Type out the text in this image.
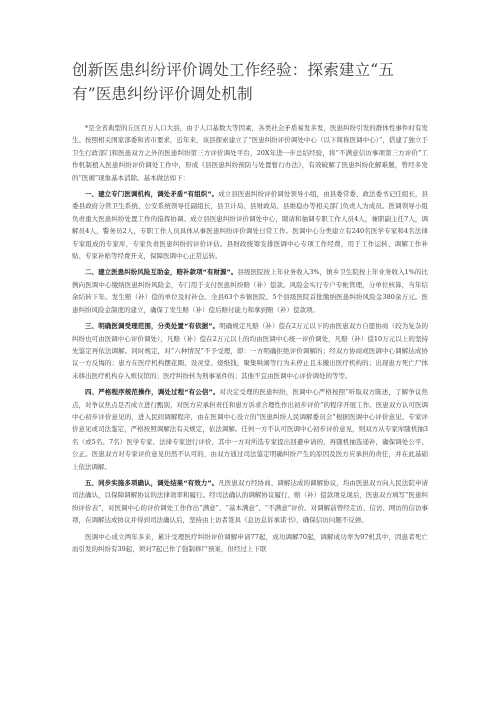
创新医患纠纷评价调处工作经验：探索建立“五有”医患纠纷评价调处机制

*是全省典型的丘区百万人口大县，由于人口基数大等因素，各类社会矛盾易发多发，医患纠纷引发的群体性事件时有发生。按照相关国家部委和省市要求，近年来，该县探索建立了“医患纠纷评价调处中心（以下简称医调中心）”，搭建了独立于卫生行政部门和医患双方之外的医患纠纷第三方评价调处平台，20X年进一步总结经验，将“不满意信访事项第三方评价”工作机制植入医患纠纷评价调处工作中，形成《县医患纠纷预防与处置暂行办法》，有效破解了医患纠纷化解难题，曾经多发的“医闹”现象基本消除。基本做法如下：

一、建立专门医调机构，调处矛盾“有组织”。成立县医患纠纷评价调处领导小组，由县委常委、政法委书记任组长，县委县政府分管卫生系统、公安系统领导任副组长，县卫计局、县财政局、县维稳办等相关部门负责人为成员。医调领导小组负责重大医患纠纷处置工作的指挥协调。成立县医患纠纷评价调处中心，聘请和抽调专职工作人员4人，兼职副主任7人，调解员4人，警务员2人，专职工作人员具体从事医患纠纷评价调处日常工作。医调中心分类建立有240名医学专家和4名法律专家组成的专家库，专家负责医患纠纷的评价评估。县财政统筹安排医调中心专项工作经费，用于工作运转、调解工作补贴、专家补贴等经费开支，保障医调中心正常运转。

二、建立医患纠纷风险互助金，赔补款项“有财源”。县级医院按上年业务收入3%，镇乡卫生院按上年业务收入1%的比例向医调中心缴纳医患纠纷风险金，专门用于支付医患纠纷赔（补）偿款。风险金实行专户专帐管理，分单位核算，当年结余结转下年。发生赔（补）偿的单位及时补仓。全县63个乡镇医院、5个县级医院首批缴纳医患纠纷风险金380余万元。医患纠纷风险金制度的建立，确保了发生赔（补）偿后赔付能力和拿到赔（补）偿款项。

三、明确医调受理范围，分类处置“有依据”。明确规定凡赔（补）偿在2万元以下的由医患双方自愿协商（较为复杂的纠纷也可由医调中心评价调处），凡赔（补）偿在2万元以上的均由医调中心统一评价调处，凡赔（补）偿10万元以上的坚持先鉴定再依法调解。同时规定，对“六种情况”不予受理，即：一方明确拒绝评价调解的；经双方协商或医调中心调解达成协议一方反悔的；患方在医疗机构摆花圈、设灵堂、烧纸钱，聚集哄闹等行为未停止且未撤出医疗机构的；出现患方死亡尸体未移出医疗机构存入殡仪馆的；医疗纠纷转为刑事案件的；其他不宜由医调中心评价调处的等等。

四、严格程序规范操作，调处过程“有公信”。对决定受理的医患纠纷，医调中心严格按照“听取双方陈述，了解争议焦点，对争议焦点是否成立进行甄别，对医方应承担责任和患方诉求合理性作出初步评价”的程序开展工作。医患双方认可医调中心初步评价意见的，进入民间调解程序，由在医调中心设立的“医患纠纷人民调解委员会”根据医调中心评价意见、专家评价意见或司法鉴定，严格按照调解法有关规定，依法调解。任何一方不认可医调中心初步评价意见，则双方从专家库随机抽3名（或5名、7名）医学专家、法律专家进行评价，其中一方对所选专家提出回避申请的，再随机抽选递补，确保调处公平、公正。医患双方对专家评价意见仍然不认可的，由双方通过司法鉴定明确纠纷产生的原因及医方应承担的责任，并在此基础上依法调解。

五、同步实施多项确认，调处结果“有效力”。凡医患双方经协商、调解达成的调解协议，均由医患双方向人民法院申请司法确认，以保障调解协议的法律效率和履行。经司法确认的调解协议履行、赔（补）偿款项兑现后，医患双方填写“医患纠纷评价表”，对医调中心的评价调处工作作出“满意”、“基本满意”、“不满意”评价。对调解前曾经走访、信访、网访的信访事项，在调解达成协议并得到司法确认后，坚持由上访者签具《息访息诉承诺书》，确保信访问题不反弹。

医调中心成立两年多来，累计受理医疗纠纷评价调解申请77起，成功调解70起，调解成功率为97机其中，因患者死亡而引发的纠纷有39起，须对7起已作了强制移尸预案，但经过上下联
